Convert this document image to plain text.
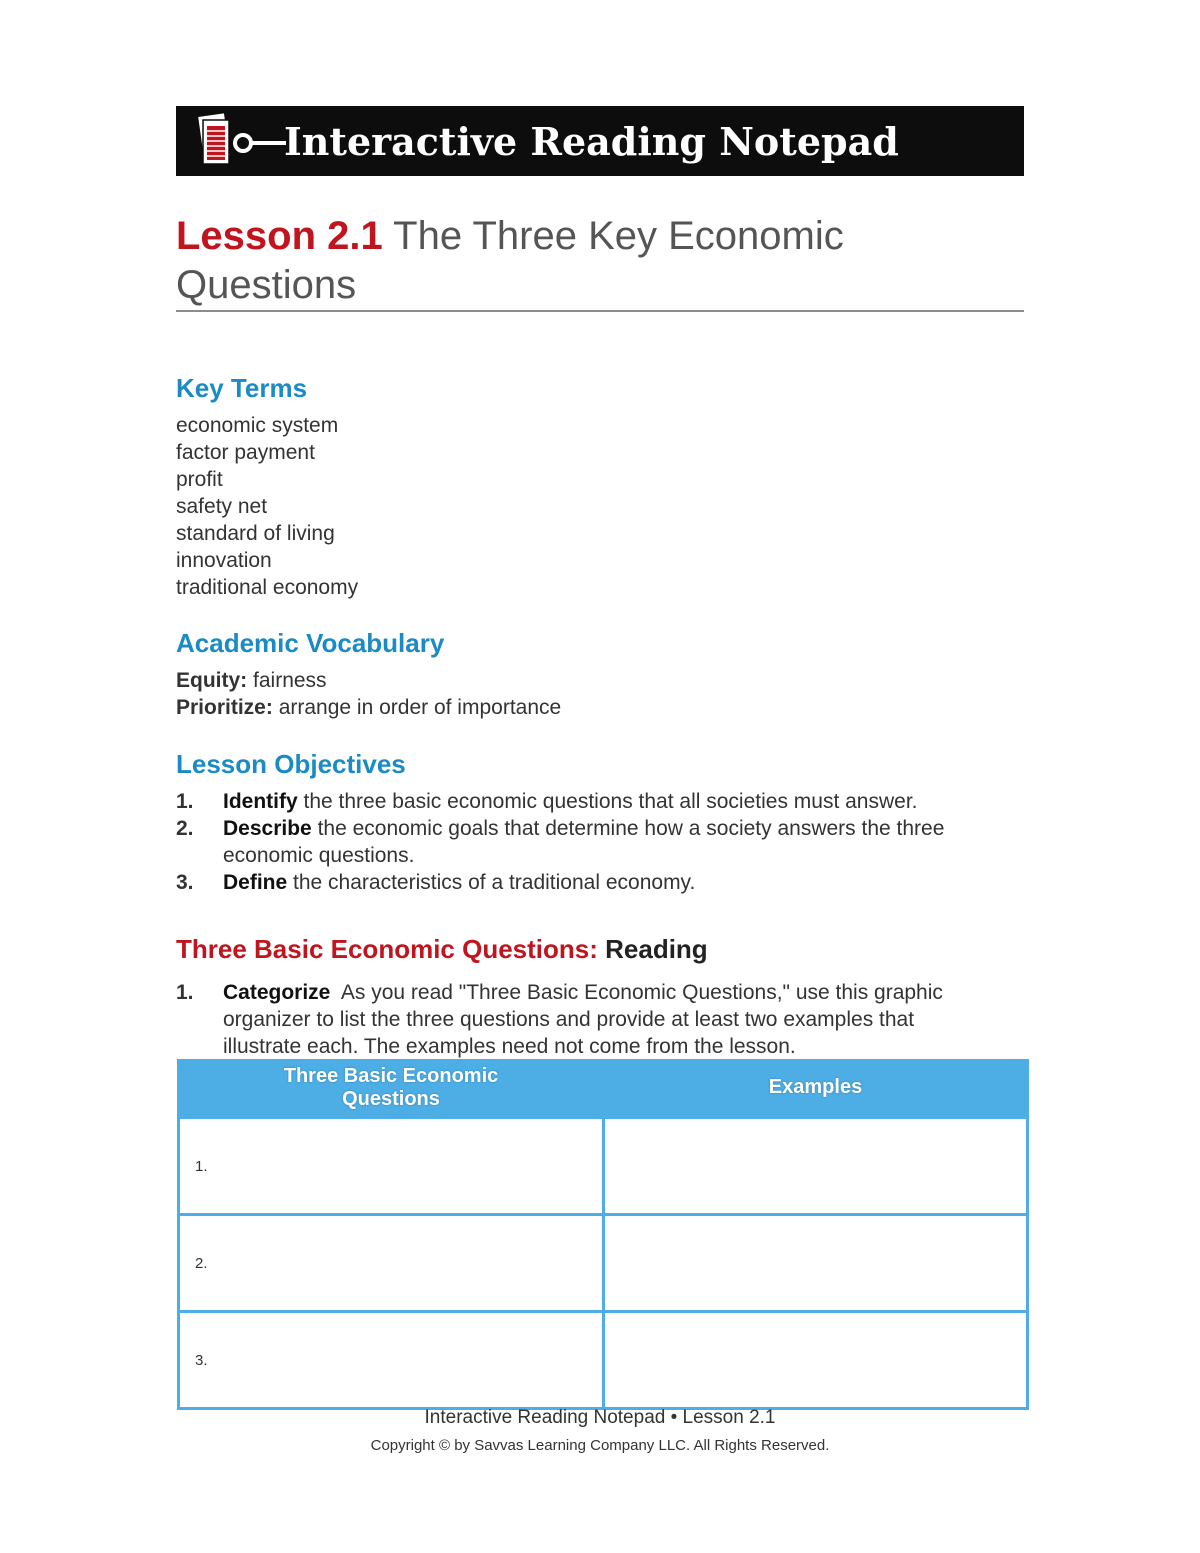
Interactive Reading Notepad
Lesson 2.1 The Three Key Economic
Questions
Key Terms
economic system
factor payment
profit
safety net
standard of living
innovation
traditional economy
Academic Vocabulary
Equity: fairness
Prioritize: arrange in order of importance
Lesson Objectives
1.	Identify the three basic economic questions that all societies must answer.
2.	Describe the economic goals that determine how a society answers the three economic questions.
3.	Define the characteristics of a traditional economy.
Three Basic Economic Questions: Reading
1.	Categorize As you read "Three Basic Economic Questions," use this graphic organizer to list the three questions and provide at least two examples that illustrate each. The examples need not come from the lesson.
Three Basic Economic
Questions	Examples
1.	
2.	
3.	
Interactive Reading Notepad • Lesson 2.1
Copyright © by Savvas Learning Company LLC. All Rights Reserved.
